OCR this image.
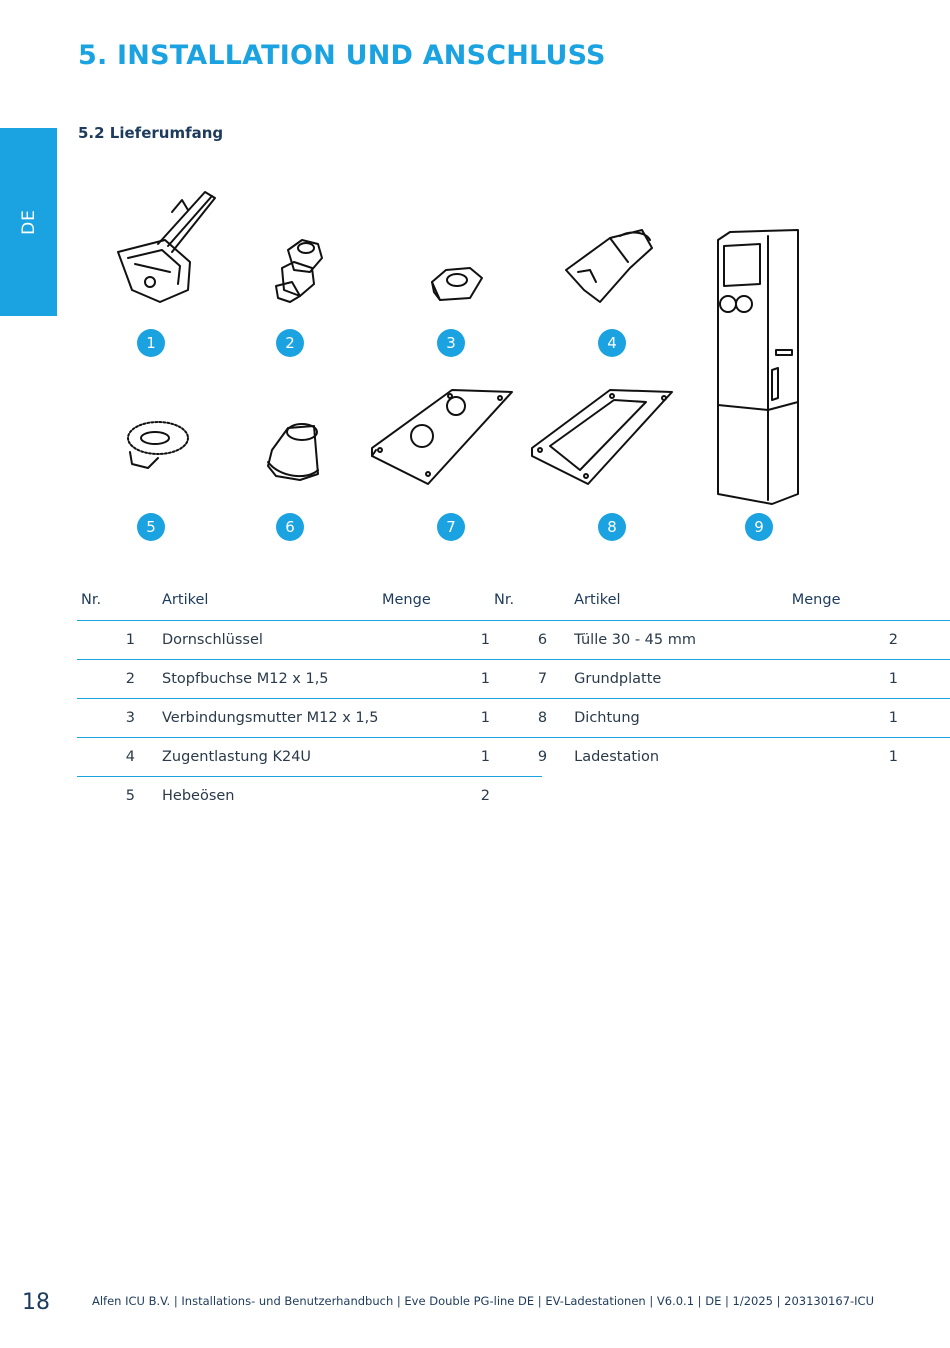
DE
5. INSTALLATION UND ANSCHLUSS
5.2 Lieferumfang
1	2	3	4
5	6	7	8	9
Nr.	Artikel	Menge
1	Dornschlüssel	1
2	Stopfbuchse M12 x 1,5	1
3	Verbindungsmutter M12 x 1,5	1
4	Zugentlastung K24U	1
5	Hebeösen	2
Nr.	Artikel	Menge
6	Tülle 30 - 45 mm	2
7	Grundplatte	1
8	Dichtung	1
9	Ladestation	1
18	Alfen ICU B.V. | Installations- und Benutzerhandbuch | Eve Double PG-line DE | EV-Ladestationen | V6.0.1 | DE | 1/2025 | 203130167-ICU
